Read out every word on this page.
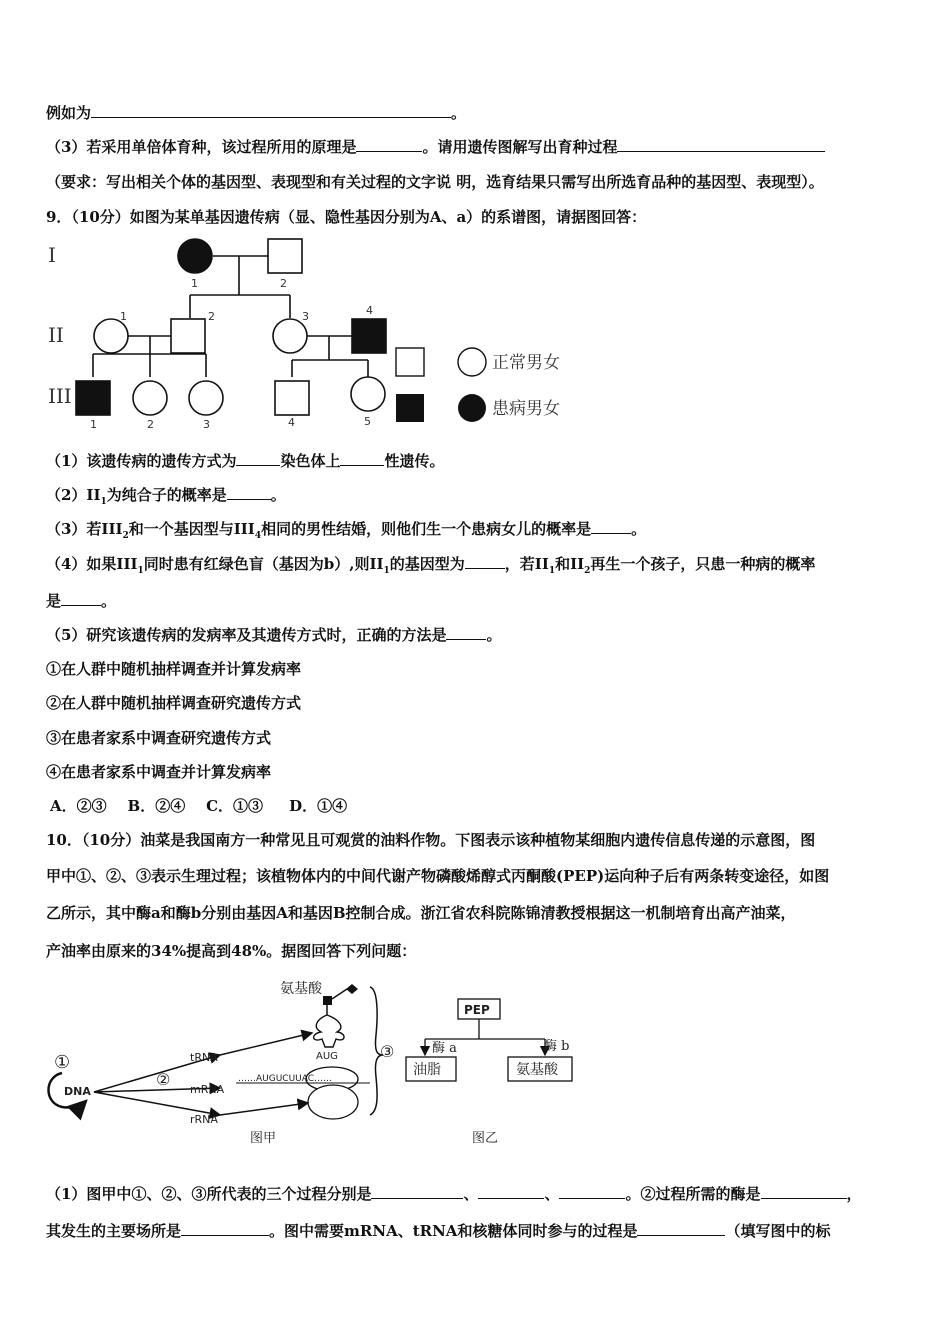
例如为	。
（3）若采用单倍体育种，该过程所用的原理是	。请用遗传图解写出育种过程
（要求：写出相关个体的基因型、表现型和有关过程的文字说 明，选育结果只需写出所选育品种的基因型、表现型）。
9．（10分）如图为某单基因遗传病（显、隐性基因分别为A、a）的系谱图，请据图回答：
正常男女
患病男女
I
II
III
1	2
1	2	3	4
1	2	3	4	5
（1）该遗传病的遗传方式为	染色体上	性遗传。
$(2)II_1$为纯合子的概率是	。
（3）若$III_2$和一个基因型与$III_4$相同的男性结婚，则他们生一个患病女儿的概率是	。
（4）如果$III_1$同时患有红绿色盲（基因为b）,则$II_1$的基因型为	，若$II_1$和$II_2$再生一个孩子，只患一种病的概率
是	。
（5）研究该遗传病的发病率及其遗传方式时，正确的方法是	。
①在人群中随机抽样调查并计算发病率
②在人群中随机抽样调查研究遗传方式
③在患者家系中调查研究遗传方式
④在患者家系中调查并计算发病率
A．②③    B．②④    C．①③     D．①④
10．（10分）油菜是我国南方一种常见且可观赏的油料作物。下图表示该种植物某细胞内遗传信息传递的示意图，图
甲中①、②、③表示生理过程；该植物体内的中间代谢产物磷酸烯醇式丙酮酸(PEP)运向种子后有两条转变途径，如图
乙所示，其中酶a和酶b分别由基因A和基因B控制合成。浙江省农科院陈锦清教授根据这一机制培育出高产油菜，
产油率由原来的34%提高到48%。据图回答下列问题：
氨基酸
AUG	③
①
DNA
②
tRNA
mRNA
rRNA
……AUGUCUUAC……
图甲
PEP
酶 a	酶 b
油脂	氨基酸
图乙
（1）图甲中①、②、③所代表的三个过程分别是	、	、	。②过程所需的酶是	，
其发生的主要场所是	。图中需要mRNA、tRNA和核糖体同时参与的过程是	（填写图中的标
